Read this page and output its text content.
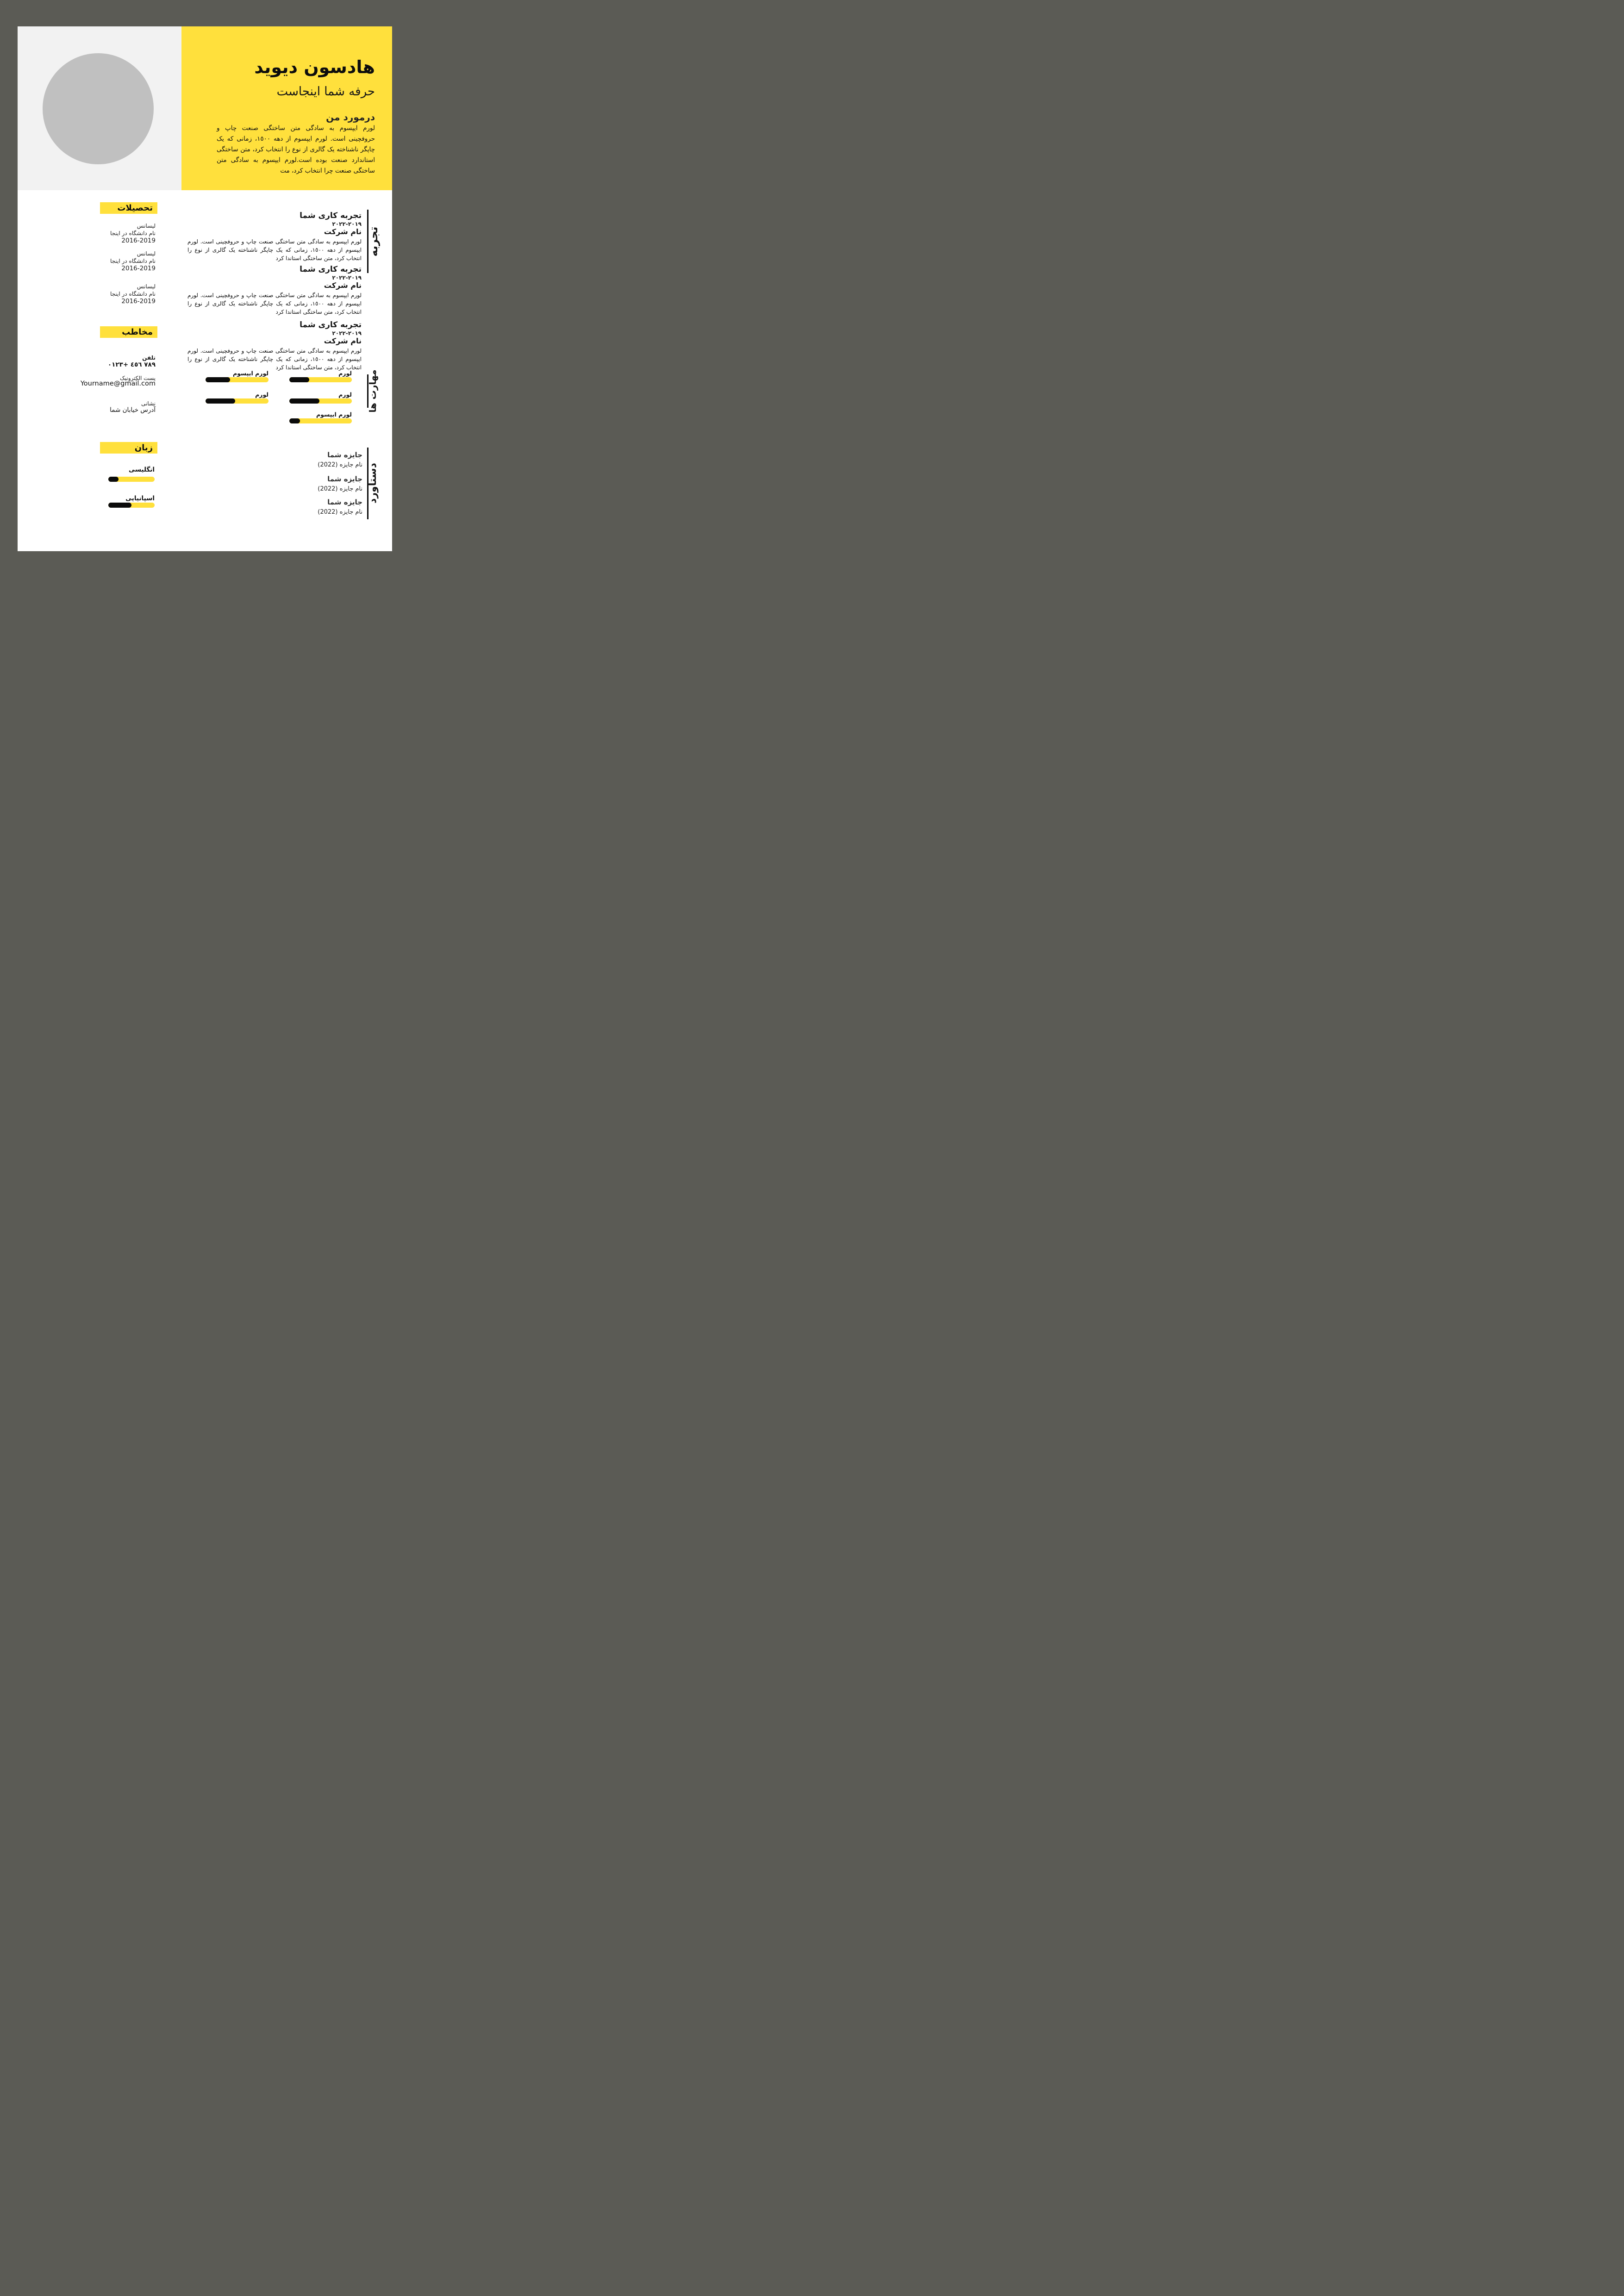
هادسون دیوید
حرفه شما اینجاست
درمورد من
لورم ایپسوم به سادگی متن ساختگی صنعت چاپ و حروفچینی است. لورم ایپسوم از دهه ١٥٠٠، زمانی که یک چاپگر ناشناخته یک گالری از نوع را انتخاب کرد، متن ساختگی استاندارد صنعت بوده است.لورم ایپسوم به سادگی متن ساختگی صنعت چرا انتخاب کرد، مت
تحصیلات
لیسانس
نام دانشگاه در اینجا
2016-2019
لیسانس
نام دانشگاه در اینجا
2016-2019
لیسانس
نام دانشگاه در اینجا
2016-2019
مخاطب
تلفن
٧٨٩ ٤٥٦ +٠١٢٣
پست الکترونیک
Yourname@gmail.com
نشانی
آدرس خیابان شما
زبان
انگلیسی
اسپانیایی
تجربه
تجربه کاری شما
٢٠١٩-٢٠٢٢
نام شرکت
لورم ایپسوم به سادگی متن ساختگی صنعت چاپ و حروفچینی است. لورم ایپسوم از دهه ١٥٠٠، زمانی که یک چاپگر ناشناخته یک گالری از نوع را انتخاب کرد، متن ساختگی استاندا کرد
تجربه کاری شما
٢٠١٩-٢٠٢٢
نام شرکت
لورم ایپسوم به سادگی متن ساختگی صنعت چاپ و حروفچینی است. لورم ایپسوم از دهه ١٥٠٠، زمانی که یک چاپگر ناشناخته یک گالری از نوع را انتخاب کرد، متن ساختگی استاندا کرد
تجربه کاری شما
٢٠١٩-٢٠٢٢
نام شرکت
لورم ایپسوم به سادگی متن ساختگی صنعت چاپ و حروفچینی است. لورم ایپسوم از دهه ١٥٠٠، زمانی که یک چاپگر ناشناخته یک گالری از نوع را انتخاب کرد، متن ساختگی استاندا کرد
مهارت ها
لورم
لورم
لورم ایپسوم
لورم ایپسوم
لورم
دستاورد
جایزه شما
نام جایزه (2022)
جایزه شما
نام جایزه (2022)
جایزه شما
نام جایزه (2022)
